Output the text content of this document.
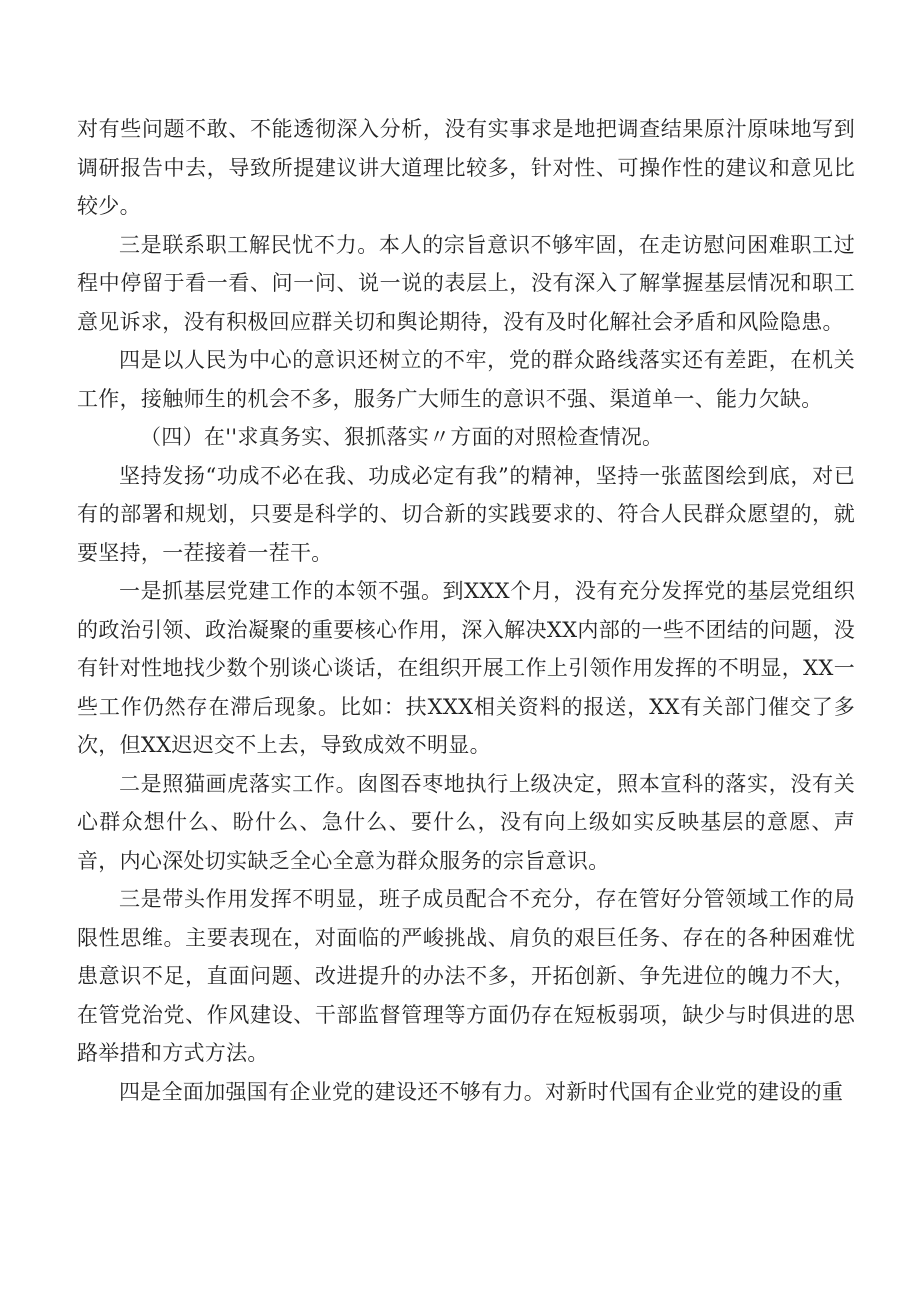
对有些问题不敢、不能透彻深入分析，没有实事求是地把调查结果原汁原味地写到调研报告中去，导致所提建议讲大道理比较多，针对性、可操作性的建议和意见比较少。

三是联系职工解民忧不力。本人的宗旨意识不够牢固，在走访慰问困难职工过程中停留于看一看、问一问、说一说的表层上，没有深入了解掌握基层情况和职工意见诉求，没有积极回应群关切和舆论期待，没有及时化解社会矛盾和风险隐患。

四是以人民为中心的意识还树立的不牢，党的群众路线落实还有差距，在机关工作，接触师生的机会不多，服务广大师生的意识不强、渠道单一、能力欠缺。

（四）在''求真务实、狠抓落实〃方面的对照检查情况。

坚持发扬“功成不必在我、功成必定有我”的精神，坚持一张蓝图绘到底，对已有的部署和规划，只要是科学的、切合新的实践要求的、符合人民群众愿望的，就要坚持，一茬接着一茬干。

一是抓基层党建工作的本领不强。到XXX个月，没有充分发挥党的基层党组织的政治引领、政治凝聚的重要核心作用，深入解决XX内部的一些不团结的问题，没有针对性地找少数个别谈心谈话，在组织开展工作上引领作用发挥的不明显，XX一些工作仍然存在滞后现象。比如：扶XXX相关资料的报送，XX有关部门催交了多次，但XX迟迟交不上去，导致成效不明显。

二是照猫画虎落实工作。囱图吞枣地执行上级决定，照本宣科的落实，没有关心群众想什么、盼什么、急什么、要什么，没有向上级如实反映基层的意愿、声音，内心深处切实缺乏全心全意为群众服务的宗旨意识。

三是带头作用发挥不明显，班子成员配合不充分，存在管好分管领域工作的局限性思维。主要表现在，对面临的严峻挑战、肩负的艰巨任务、存在的各种困难忧患意识不足，直面问题、改进提升的办法不多，开拓创新、争先进位的魄力不大，在管党治党、作风建设、干部监督管理等方面仍存在短板弱项，缺少与时俱进的思路举措和方式方法。

四是全面加强国有企业党的建设还不够有力。对新时代国有企业党的建设的重
